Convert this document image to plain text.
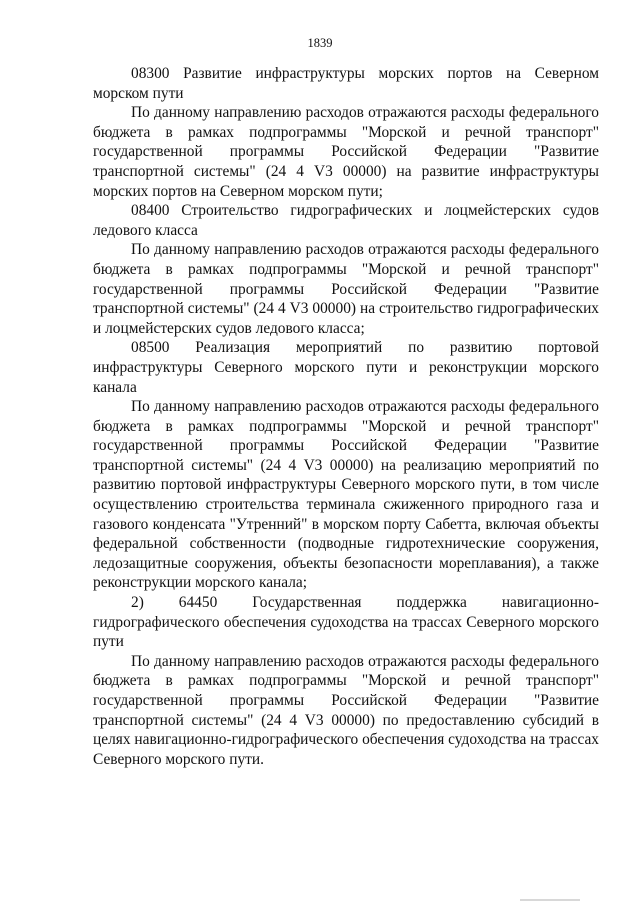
1839

08300 Развитие инфраструктуры морских портов на Северном морском пути

По данному направлению расходов отражаются расходы федерального бюджета в рамках подпрограммы "Морской и речной транспорт" государственной программы Российской Федерации "Развитие транспортной системы" (24 4 V3 00000) на развитие инфраструктуры морских портов на Северном морском пути;

08400 Строительство гидрографических и лоцмейстерских судов ледового класса

По данному направлению расходов отражаются расходы федерального бюджета в рамках подпрограммы "Морской и речной транспорт" государственной программы Российской Федерации "Развитие транспортной системы" (24 4 V3 00000) на строительство гидрографических и лоцмейстерских судов ледового класса;

08500 Реализация мероприятий по развитию портовой инфраструктуры Северного морского пути и реконструкции морского канала

По данному направлению расходов отражаются расходы федерального бюджета в рамках подпрограммы "Морской и речной транспорт" государственной программы Российской Федерации "Развитие транспортной системы" (24 4 V3 00000) на реализацию мероприятий по развитию портовой инфраструктуры Северного морского пути, в том числе осуществлению строительства терминала сжиженного природного газа и газового конденсата "Утренний" в морском порту Сабетта, включая объекты федеральной собственности (подводные гидротехнические сооружения, ледозащитные сооружения, объекты безопасности мореплавания), а также реконструкции морского канала;

2) 64450 Государственная поддержка навигационно-гидрографического обеспечения судоходства на трассах Северного морского пути

По данному направлению расходов отражаются расходы федерального бюджета в рамках подпрограммы "Морской и речной транспорт" государственной программы Российской Федерации "Развитие транспортной системы" (24 4 V3 00000) по предоставлению субсидий в целях навигационно-гидрографического обеспечения судоходства на трассах Северного морского пути.
